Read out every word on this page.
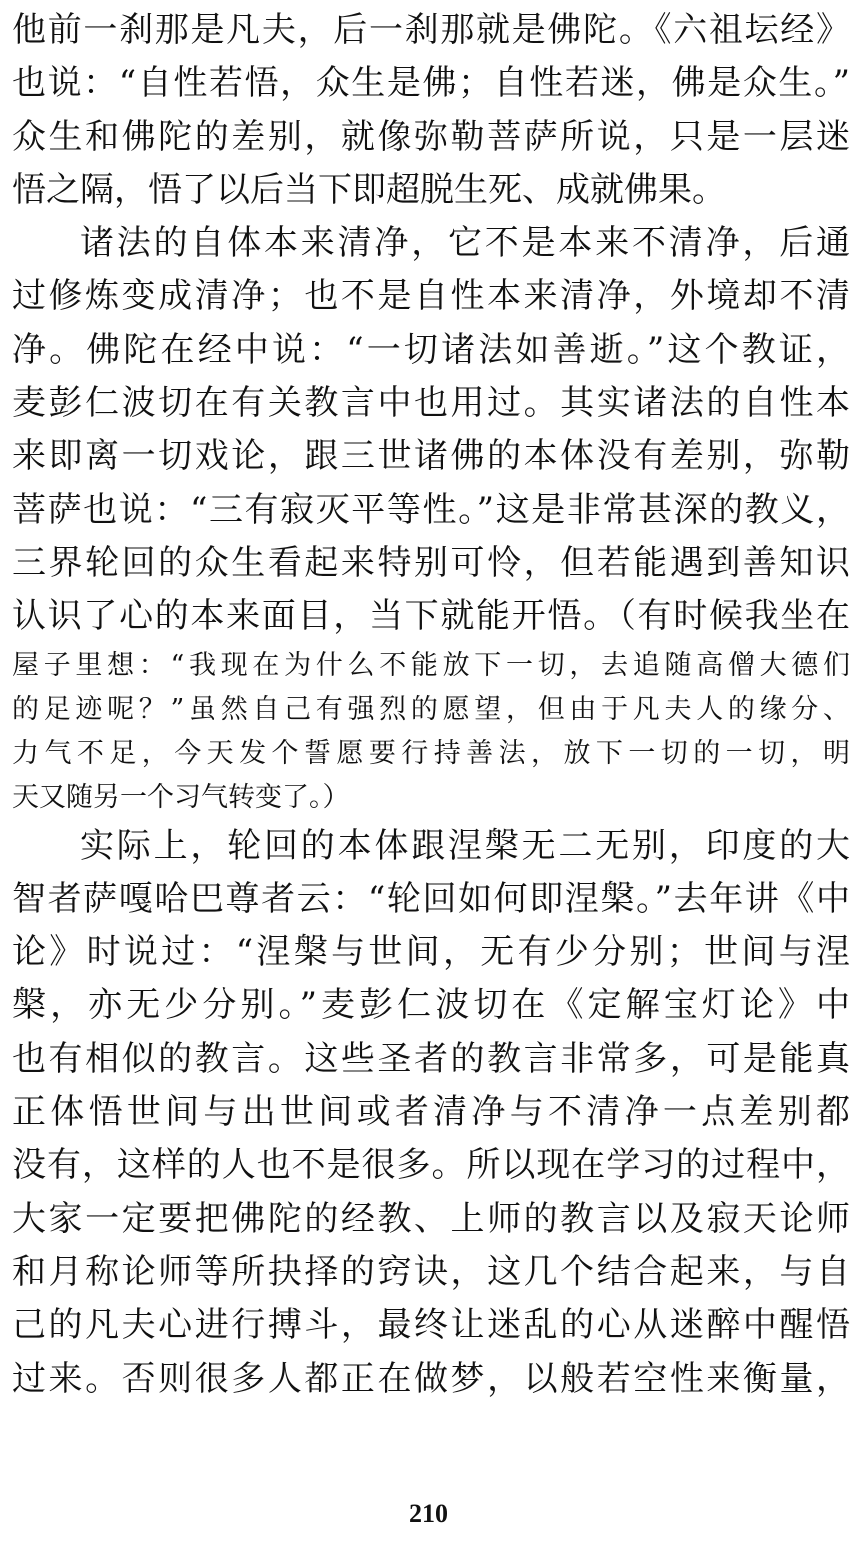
他前一刹那是凡夫，后一刹那就是佛陀。《六祖坛经》
也说：“自性若悟，众生是佛；自性若迷，佛是众生。”
众生和佛陀的差别，就像弥勒菩萨所说，只是一层迷
悟之隔，悟了以后当下即超脱生死、成就佛果。
诸法的自体本来清净，它不是本来不清净，后通
过修炼变成清净；也不是自性本来清净，外境却不清
净。佛陀在经中说：“一切诸法如善逝。”这个教证，
麦彭仁波切在有关教言中也用过。其实诸法的自性本
来即离一切戏论，跟三世诸佛的本体没有差别，弥勒
菩萨也说：“三有寂灭平等性。”这是非常甚深的教义，
三界轮回的众生看起来特别可怜，但若能遇到善知识
认识了心的本来面目，当下就能开悟。（有时候我坐在
屋子里想：“我现在为什么不能放下一切，去追随高僧大德们
的足迹呢？”虽然自己有强烈的愿望，但由于凡夫人的缘分、
力气不足，今天发个誓愿要行持善法，放下一切的一切，明
天又随另一个习气转变了。）
实际上，轮回的本体跟涅槃无二无别，印度的大
智者萨嘎哈巴尊者云：“轮回如何即涅槃。”去年讲《中
论》时说过：“涅槃与世间，无有少分别；世间与涅
槃，亦无少分别。”麦彭仁波切在《定解宝灯论》中
也有相似的教言。这些圣者的教言非常多，可是能真
正体悟世间与出世间或者清净与不清净一点差别都
没有，这样的人也不是很多。所以现在学习的过程中，
大家一定要把佛陀的经教、上师的教言以及寂天论师
和月称论师等所抉择的窍诀，这几个结合起来，与自
己的凡夫心进行搏斗，最终让迷乱的心从迷醉中醒悟
过来。否则很多人都正在做梦，以般若空性来衡量，
210
